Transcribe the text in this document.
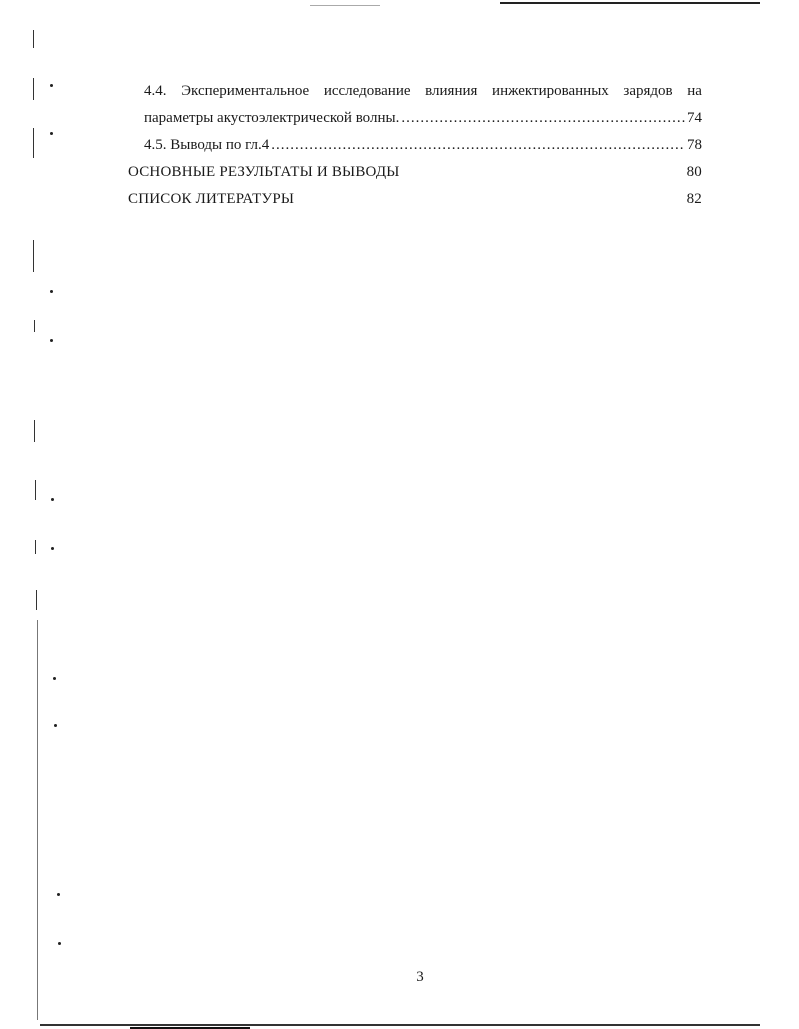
4.4. Экспериментальное исследование влияния инжектированных зарядов на
параметры акустоэлектрической волны. .....	74
4.5. Выводы по гл.4 .....	78
ОСНОВНЫЕ РЕЗУЛЬТАТЫ И ВЫВОДЫ	80
СПИСОК ЛИТЕРАТУРЫ	82
3
